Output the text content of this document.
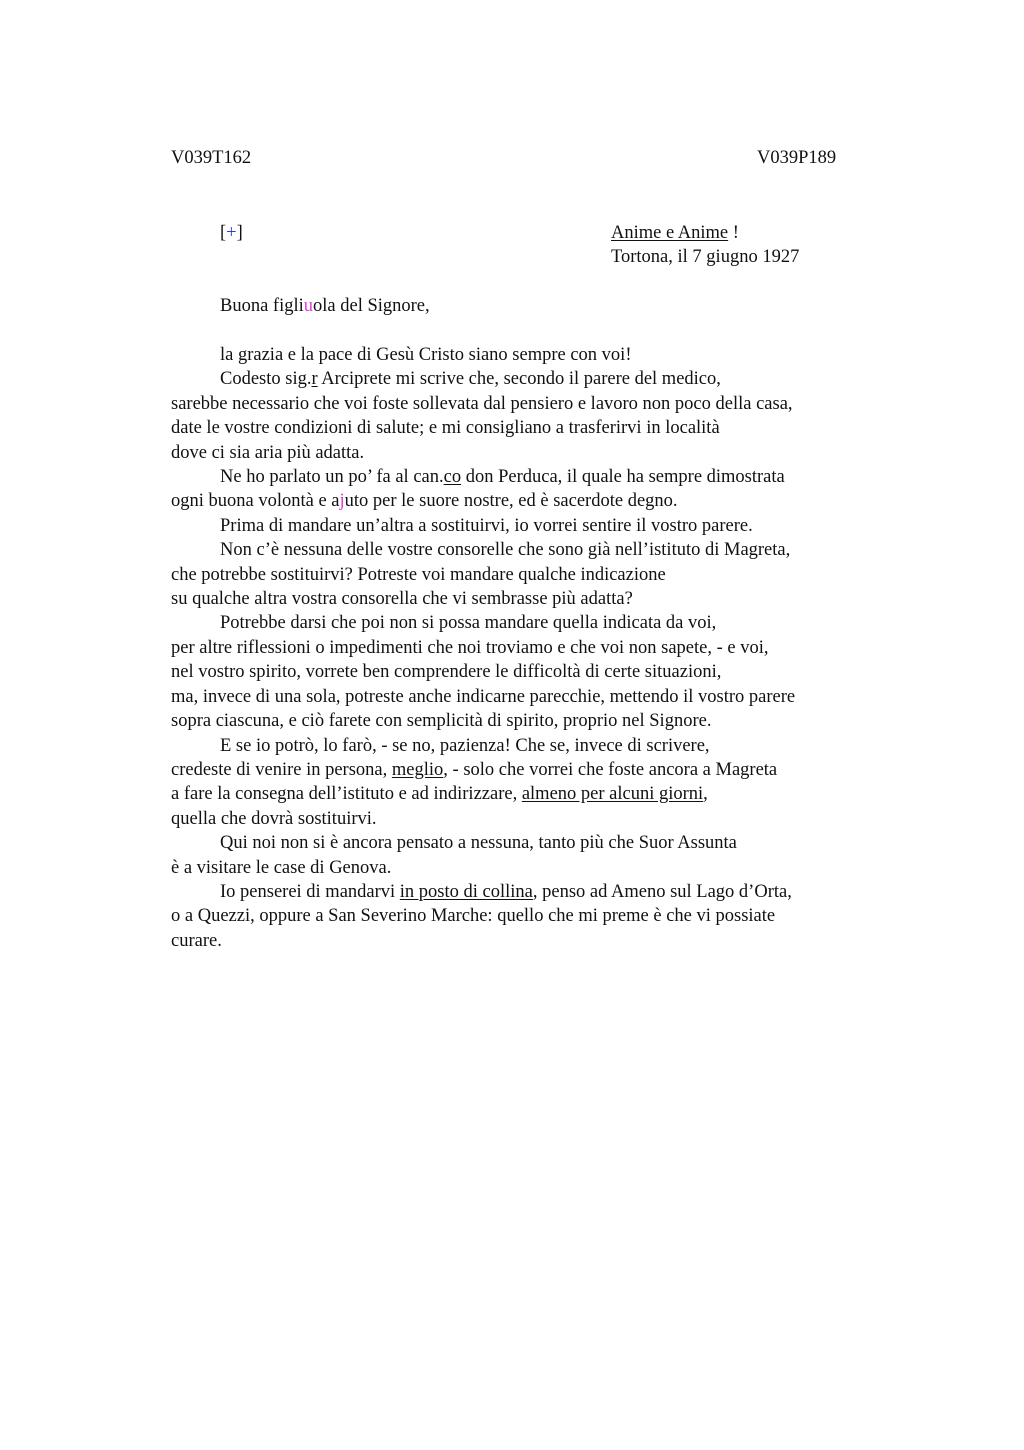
V039T162	V039P189
[+]	Anime e Anime !
Tortona, il 7 giugno 1927
Buona figliuola del Signore,
la grazia e la pace di Gesù Cristo siano sempre con voi!
Codesto sig.r Arciprete mi scrive che, secondo il parere del medico,
sarebbe necessario che voi foste sollevata dal pensiero e lavoro non poco della casa,
date le vostre condizioni di salute; e mi consigliano a trasferirvi in località
dove ci sia aria più adatta.
Ne ho parlato un po’ fa al can.co don Perduca, il quale ha sempre dimostrata
ogni buona volontà e ajuto per le suore nostre, ed è sacerdote degno.
Prima di mandare un’altra a sostituirvi, io vorrei sentire il vostro parere.
Non c’è nessuna delle vostre consorelle che sono già nell’istituto di Magreta,
che potrebbe sostituirvi? Potreste voi mandare qualche indicazione
su qualche altra vostra consorella che vi sembrasse più adatta?
Potrebbe darsi che poi non si possa mandare quella indicata da voi,
per altre riflessioni o impedimenti che noi troviamo e che voi non sapete, - e voi,
nel vostro spirito, vorrete ben comprendere le difficoltà di certe situazioni,
ma, invece di una sola, potreste anche indicarne parecchie, mettendo il vostro parere
sopra ciascuna, e ciò farete con semplicità di spirito, proprio nel Signore.
E se io potrò, lo farò, - se no, pazienza! Che se, invece di scrivere,
credeste di venire in persona, meglio, - solo che vorrei che foste ancora a Magreta
a fare la consegna dell’istituto e ad indirizzare, almeno per alcuni giorni,
quella che dovrà sostituirvi.
Qui noi non si è ancora pensato a nessuna, tanto più che Suor Assunta
è a visitare le case di Genova.
Io penserei di mandarvi in posto di collina, penso ad Ameno sul Lago d’Orta,
o a Quezzi, oppure a San Severino Marche: quello che mi preme è che vi possiate
curare.
